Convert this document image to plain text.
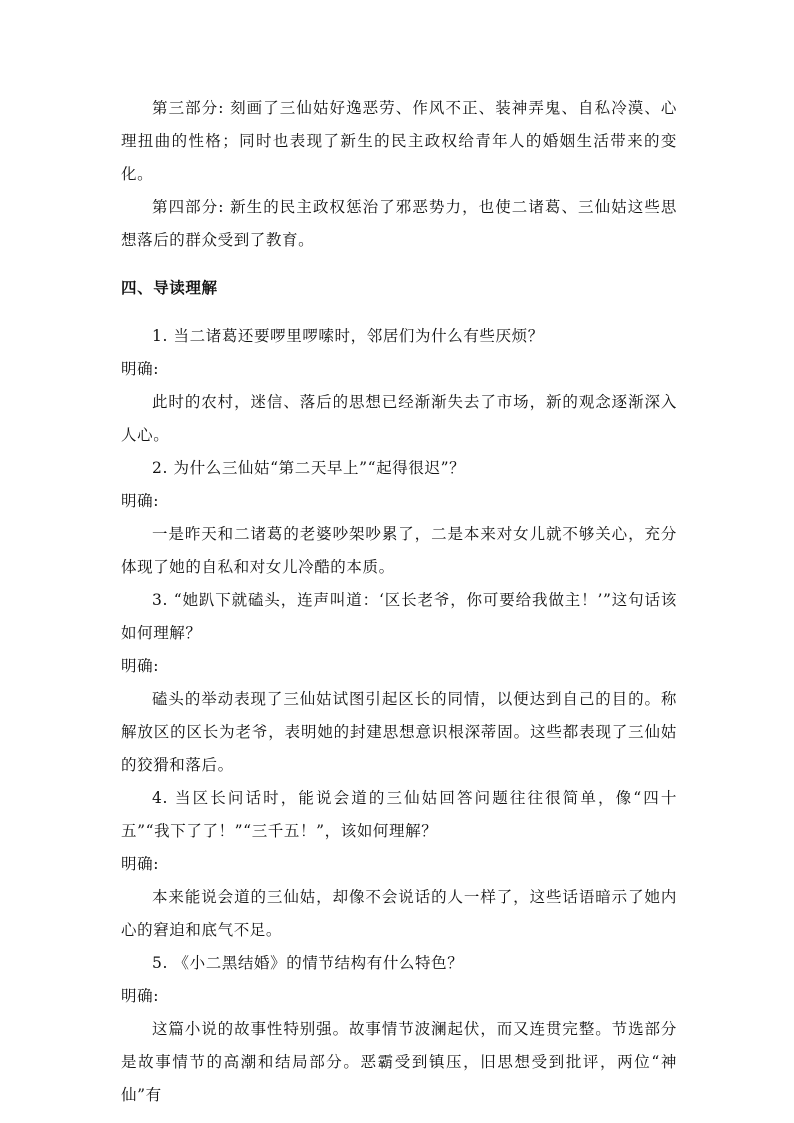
第三部分: 刻画了三仙姑好逸恶劳、作风不正、装神弄鬼、自私冷漠、心理扭曲的性格；同时也表现了新生的民主政权给青年人的婚姻生活带来的变化。

第四部分: 新生的民主政权惩治了邪恶势力，也使二诸葛、三仙姑这些思想落后的群众受到了教育。

四、导读理解

1. 当二诸葛还要啰里啰嗦时，邻居们为什么有些厌烦？

明确:

此时的农村，迷信、落后的思想已经渐渐失去了市场，新的观念逐渐深入人心。

2. 为什么三仙姑“第二天早上”“起得很迟”？

明确:

一是昨天和二诸葛的老婆吵架吵累了，二是本来对女儿就不够关心，充分体现了她的自私和对女儿冷酷的本质。

3. “她趴下就磕头，连声叫道：‘区长老爷，你可要给我做主！’”这句话该如何理解？

明确:

磕头的举动表现了三仙姑试图引起区长的同情，以便达到自己的目的。称解放区的区长为老爷，表明她的封建思想意识根深蒂固。这些都表现了三仙姑的狡猾和落后。

4. 当区长问话时，能说会道的三仙姑回答问题往往很简单，像“四十五”“我下了了！”“三千五！”，该如何理解？

明确:

本来能说会道的三仙姑，却像不会说话的人一样了，这些话语暗示了她内心的窘迫和底气不足。

5. 《小二黑结婚》的情节结构有什么特色？

明确:

这篇小说的故事性特别强。故事情节波澜起伏，而又连贯完整。节选部分是故事情节的高潮和结局部分。恶霸受到镇压，旧思想受到批评，两位“神仙”有
